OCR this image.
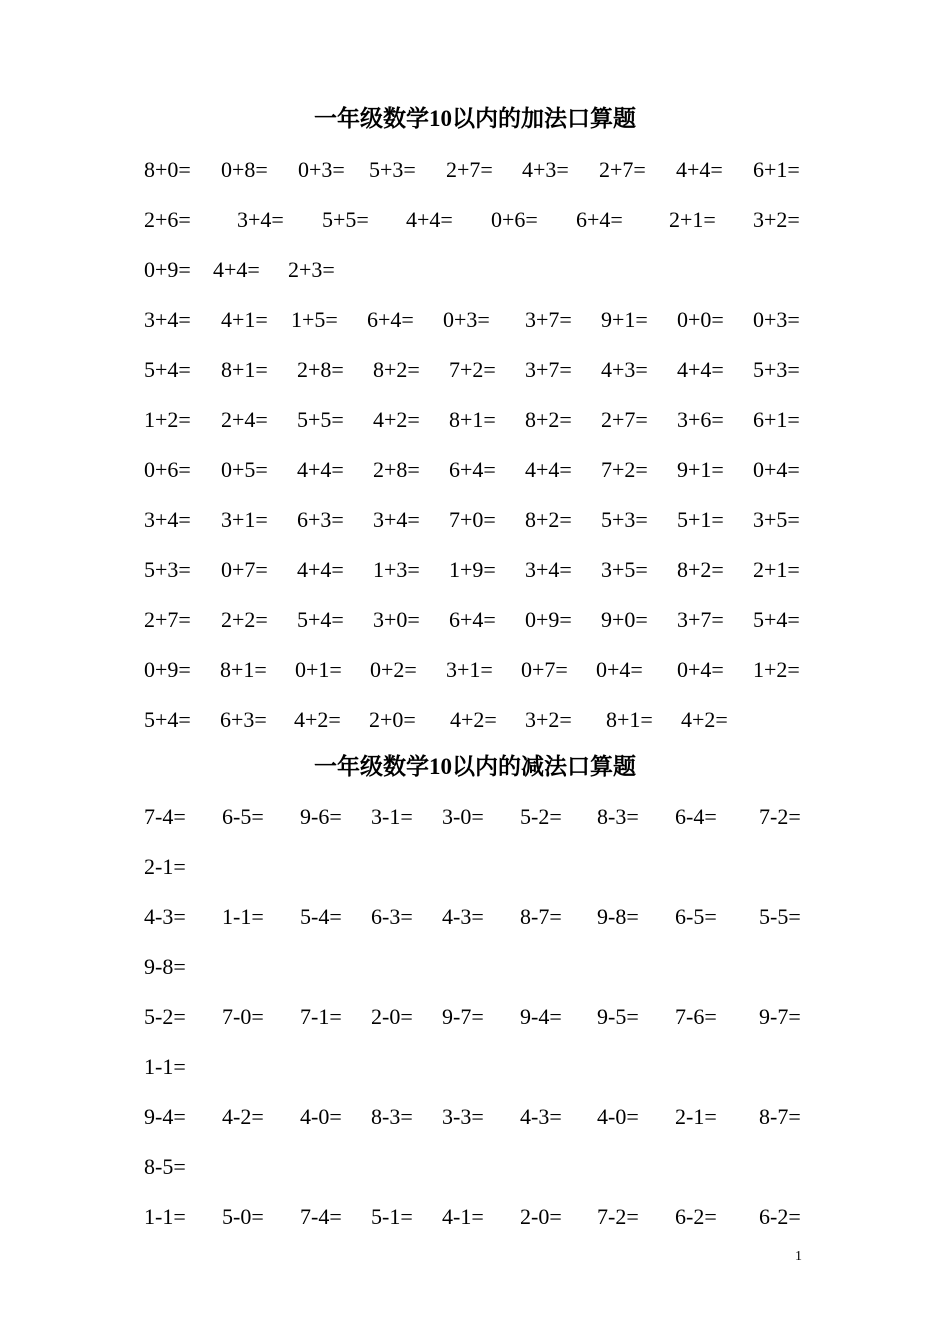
一年级数学10以内的加法口算题
8+0= 0+8= 0+3= 5+3= 2+7= 4+3= 2+7= 4+4= 6+1=
2+6= 3+4= 5+5= 4+4= 0+6= 6+4= 2+1= 3+2=
0+9= 4+4= 2+3=
3+4= 4+1= 1+5= 6+4= 0+3= 3+7= 9+1= 0+0= 0+3=
5+4= 8+1= 2+8= 8+2= 7+2= 3+7= 4+3= 4+4= 5+3=
1+2= 2+4= 5+5= 4+2= 8+1= 8+2= 2+7= 3+6= 6+1=
0+6= 0+5= 4+4= 2+8= 6+4= 4+4= 7+2= 9+1= 0+4=
3+4= 3+1= 6+3= 3+4= 7+0= 8+2= 5+3= 5+1= 3+5=
5+3= 0+7= 4+4= 1+3= 1+9= 3+4= 3+5= 8+2= 2+1=
2+7= 2+2= 5+4= 3+0= 6+4= 0+9= 9+0= 3+7= 5+4=
0+9= 8+1= 0+1= 0+2= 3+1= 0+7= 0+4= 0+4= 1+2=
5+4= 6+3= 4+2= 2+0= 4+2= 3+2= 8+1= 4+2=
一年级数学10以内的减法口算题
7-4= 6-5= 9-6= 3-1= 3-0= 5-2= 8-3= 6-4= 7-2=
2-1=
4-3= 1-1= 5-4= 6-3= 4-3= 8-7= 9-8= 6-5= 5-5=
9-8=
5-2= 7-0= 7-1= 2-0= 9-7= 9-4= 9-5= 7-6= 9-7=
1-1=
9-4= 4-2= 4-0= 8-3= 3-3= 4-3= 4-0= 2-1= 8-7=
8-5=
1-1= 5-0= 7-4= 5-1= 4-1= 2-0= 7-2= 6-2= 6-2=
1
